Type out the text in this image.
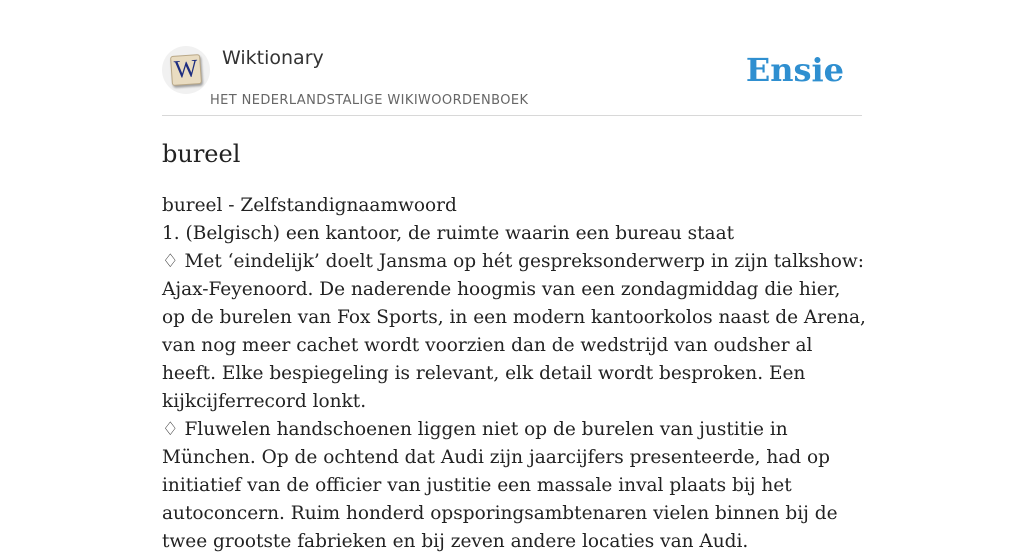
W Wiktionary
HET NEDERLANDSTALIGE WIKIWOORDENBOEK
Ensie
bureel

bureel - Zelfstandignaamwoord

1. (Belgisch) een kantoor, de ruimte waarin een bureau staat

♢ Met ‘eindelijk’ doelt Jansma op hét gespreksonderwerp in zijn talkshow: Ajax-Feyenoord. De naderende hoogmis van een zondagmiddag die hier, op de burelen van Fox Sports, in een modern kantoorkolos naast de Arena, van nog meer cachet wordt voorzien dan de wedstrijd van oudsher al heeft. Elke bespiegeling is relevant, elk detail wordt besproken. Een kijkcijferrecord lonkt.

♢ Fluwelen handschoenen liggen niet op de burelen van justitie in München. Op de ochtend dat Audi zijn jaarcijfers presenteerde, had op initiatief van de officier van justitie een massale inval plaats bij het autoconcern. Ruim honderd opsporingsambtenaren vielen binnen bij de twee grootste fabrieken en bij zeven andere locaties van Audi.
